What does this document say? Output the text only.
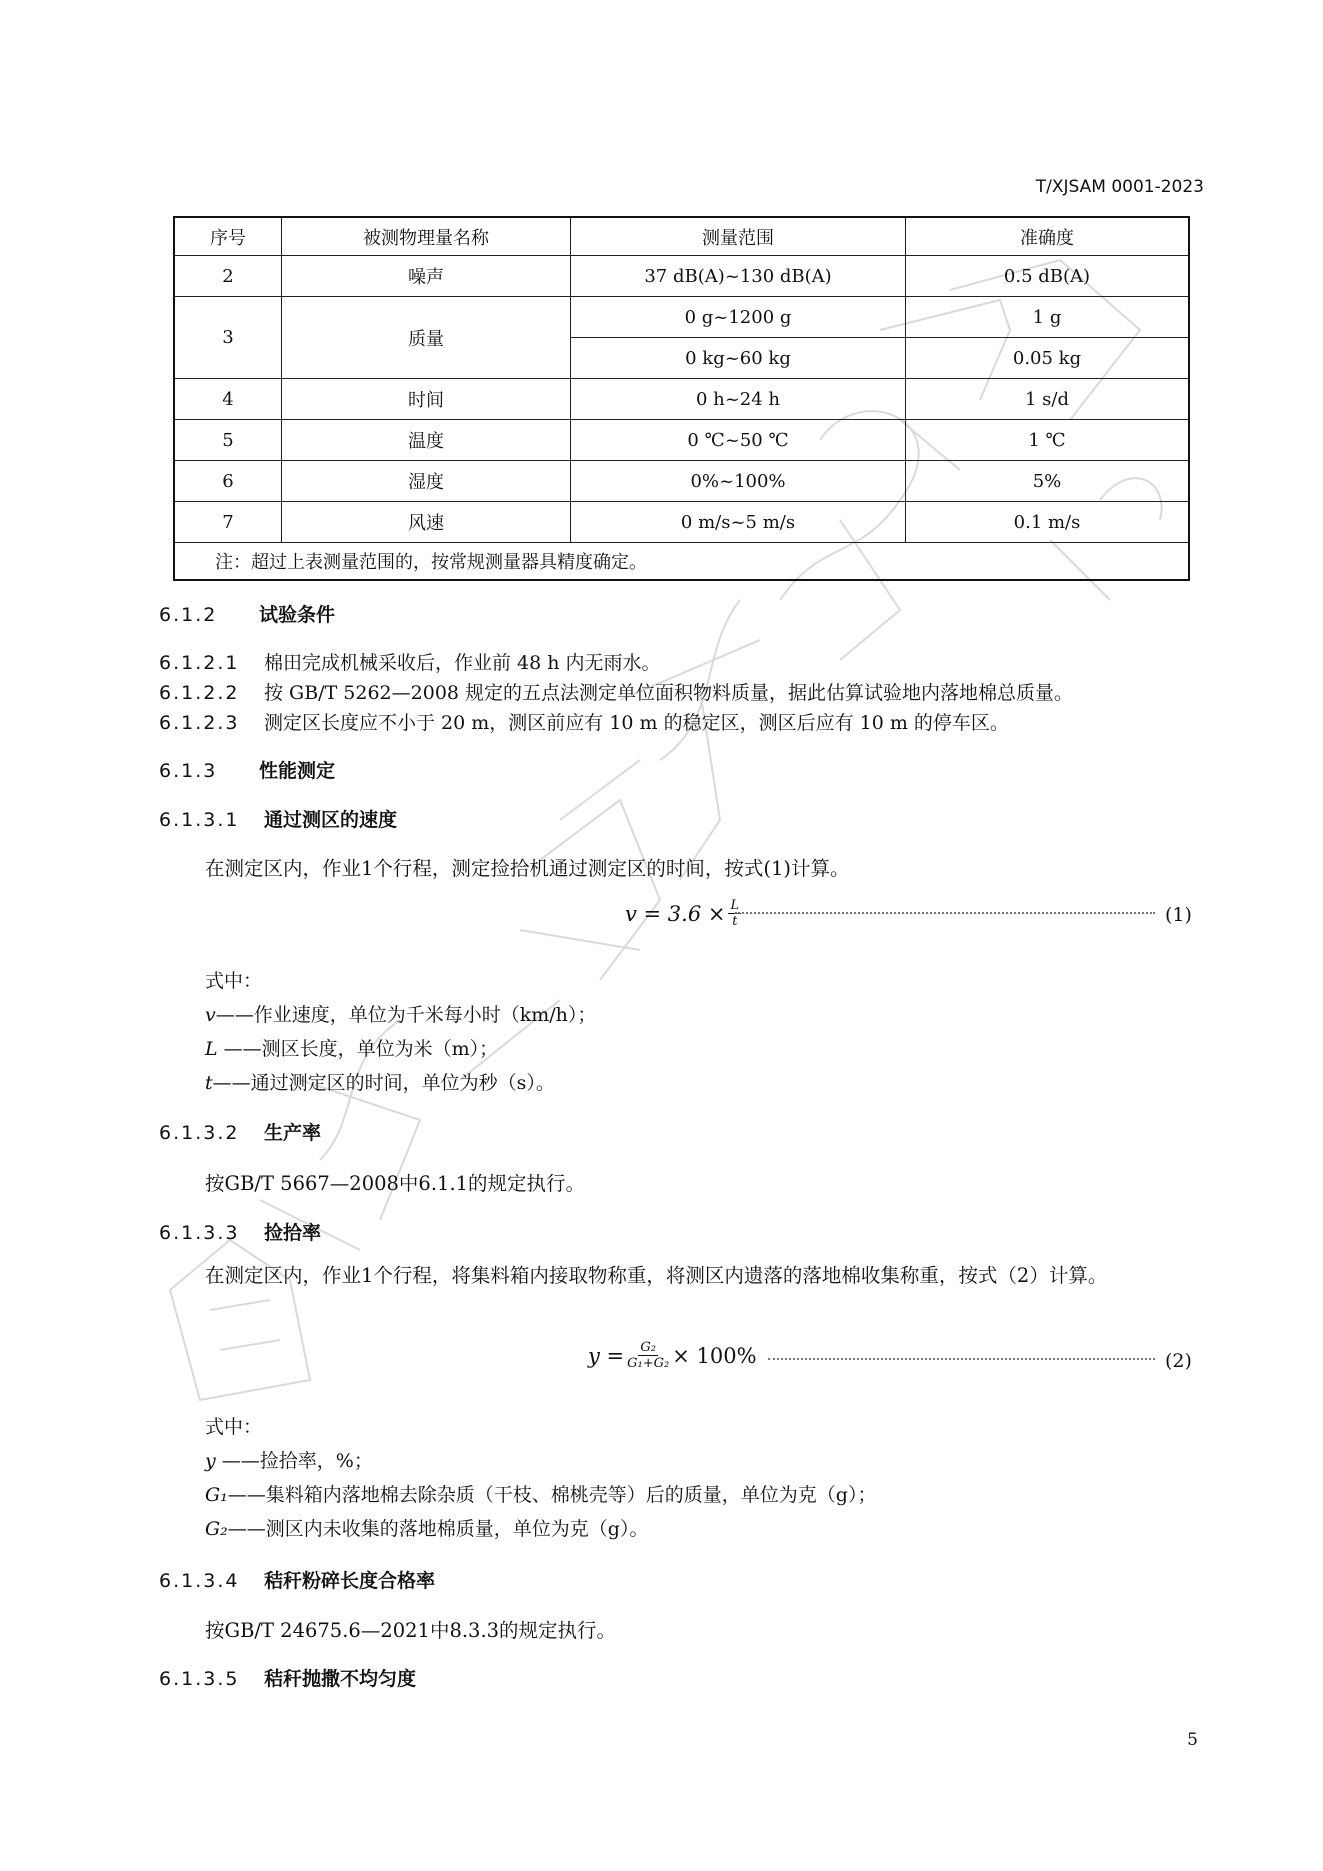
T/XJSAM 0001-2023
序号	被测物理量名称	测量范围	准确度
2	噪声	37 dB(A)~130 dB(A)	0.5 dB(A)
3	质量	0 g~1200 g	1 g
		0 kg~60 kg	0.05 kg
4	时间	0 h~24 h	1 s/d
5	温度	0 ℃~50 ℃	1 ℃
6	湿度	0%~100%	5%
7	风速	0 m/s~5 m/s	0.1 m/s
注：超过上表测量范围的，按常规测量器具精度确定。			
6.1.2 试验条件
6.1.2.1 棉田完成机械采收后，作业前 48 h 内无雨水。
6.1.2.2 按 GB/T 5262—2008 规定的五点法测定单位面积物料质量，据此估算试验地内落地棉总质量。
6.1.2.3 测定区长度应不小于 20 m，测区前应有 10 m 的稳定区，测区后应有 10 m 的停车区。
6.1.3 性能测定
6.1.3.1 通过测区的速度
在测定区内，作业1个行程，测定捡拾机通过测定区的时间，按式(1)计算。
$v = 3.6 \times \frac{L}{t}$	(1)
式中：
v——作业速度，单位为千米每小时（km/h）；
L ——测区长度，单位为米（m）；
t——通过测定区的时间，单位为秒（s）。
6.1.3.2 生产率
按GB/T 5667—2008中6.1.1的规定执行。
6.1.3.3 捡拾率
在测定区内，作业1个行程，将集料箱内接取物称重，将测区内遗落的落地棉收集称重，按式（2）计算。
$y = \frac{\text{G₂}}{\text{G₁+G₂}} \times 100\%$	(2)
式中：
y ——捡拾率，%；
G₁——集料箱内落地棉去除杂质（干枝、棉桃壳等）后的质量，单位为克（g）；
G₂——测区内未收集的落地棉质量，单位为克（g）。
6.1.3.4 秸秆粉碎长度合格率
按GB/T 24675.6—2021中8.3.3的规定执行。
6.1.3.5 秸秆抛撒不均匀度
5
